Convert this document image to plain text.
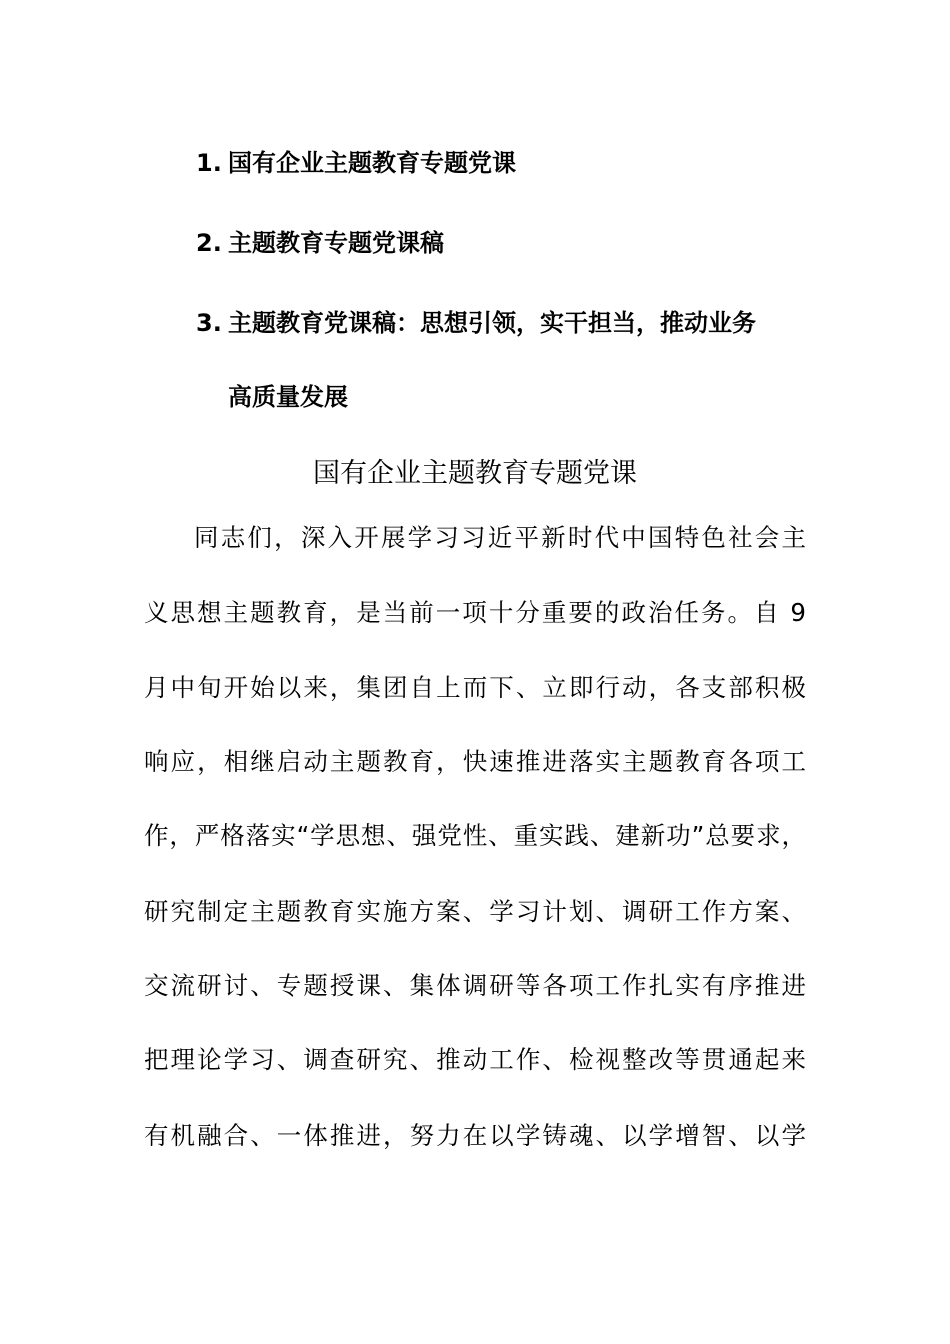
1. 国有企业主题教育专题党课
2. 主题教育专题党课稿
3. 主题教育党课稿：思想引领，实干担当，推动业务
高质量发展
国有企业主题教育专题党课
同志们，深入开展学习习近平新时代中国特色社会主
义思想主题教育，是当前一项十分重要的政治任务。自 9
月中旬开始以来，集团自上而下、立即行动，各支部积极
响应，相继启动主题教育，快速推进落实主题教育各项工
作，严格落实“学思想、强党性、重实践、建新功”总要求，
研究制定主题教育实施方案、学习计划、调研工作方案、
交流研讨、专题授课、集体调研等各项工作扎实有序推进
把理论学习、调查研究、推动工作、检视整改等贯通起来
有机融合、一体推进，努力在以学铸魂、以学增智、以学
